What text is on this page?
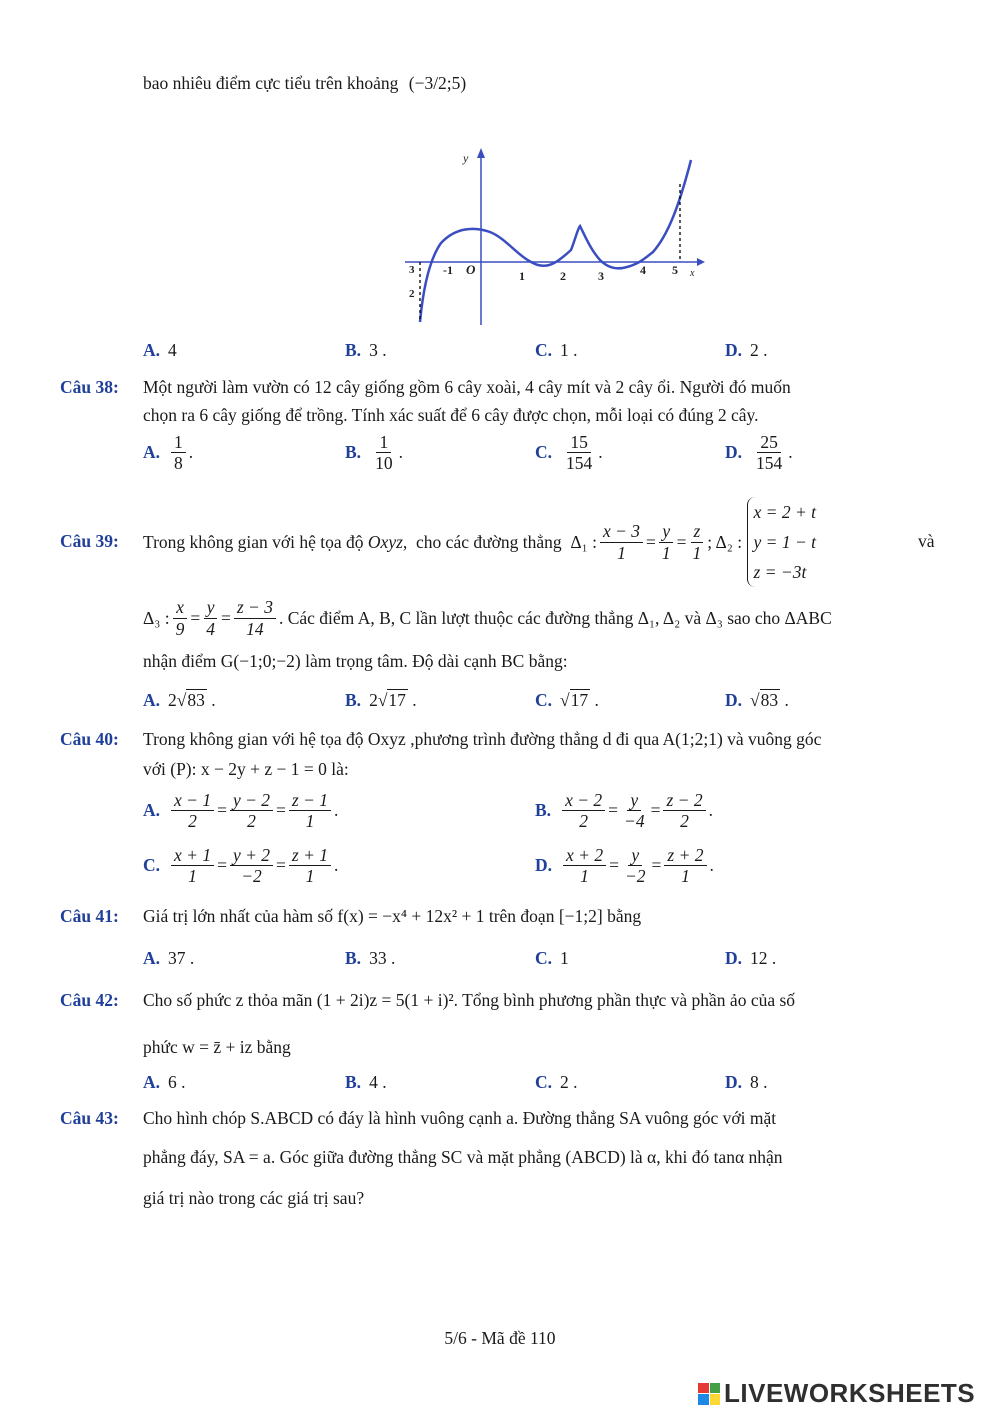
bao nhiêu điểm cực tiểu trên khoảng (−3/2;5)
y
x
O
-1	1	2	3	4 5
3
2
A. 4	B. 3 .	C. 1 .	D. 2 .
Câu 38: Một người làm vườn có 12 cây giống gồm 6 cây xoài, 4 cây mít và 2 cây ổi. Người đó muốn
chọn ra 6 cây giống để trồng. Tính xác suất để 6 cây được chọn, mỗi loại có đúng 2 cây.
A. $\frac{1}{8}$ .	B. $\frac{1}{10}$ .	C. $\frac{15}{154}$ .	D. $\frac{25}{154}$ .
Câu 39: Trong không gian với hệ tọa độ
Oxyz,
cho các đường thẳng
Δ₁ : $\frac{x - 3}{1} = \frac{y}{1} = \frac{z}{1}$ ; Δ₂ :

x = 2 + t
y = 1 − t
z = −3t
và
Δ₃ : $\frac{x}{9} = \frac{y}{4} = \frac{z - 3}{14}$ . Các điểm A, B, C lần lượt thuộc các đường thẳng Δ₁, Δ₂ và Δ₃ sao cho ΔABC
nhận điểm G(−1;0;−2) làm trọng tâm. Độ dài cạnh BC bằng:
A. 2 √ 83
.	B. 2 √ 17
.	C. √ 17
.	D. √ 83
.
Câu 40: Trong không gian với hệ tọa độ Oxyz ,phương trình đường thẳng d đi qua A(1;2;1) và vuông góc
với (P): x − 2y + z − 1 = 0 là:
A. $\frac{x - 1}{2} = \frac{y - 2}{2} = \frac{z - 1}{1}$ .	B. $\frac{x - 2}{2} = \frac{y}{-4} = \frac{z - 2}{2}$ .
C. $\frac{x + 1}{1} = \frac{y + 2}{-2} = \frac{z + 1}{1}$ .	D. $\frac{x + 2}{1} = \frac{y}{-2} = \frac{z + 2}{1}$ .
Câu 41: Giá trị lớn nhất của hàm số f(x) = −x⁴ + 12x² + 1 trên đoạn [−1;2] bằng
A. 37 .	B. 33 .	C. 1	D. 12 .
Câu 42: Cho số phức z thỏa mãn (1 + 2i)z = 5(1 + i)². Tổng bình phương phần thực và phần ảo của số
phức w = z̄ + iz bằng
A. 6 .	B. 4 .	C. 2 .	D. 8 .
Câu 43: Cho hình chóp S.ABCD có đáy là hình vuông cạnh a. Đường thẳng SA vuông góc với mặt
phẳng đáy, SA = a. Góc giữa đường thẳng SC và mặt phẳng (ABCD) là α, khi đó tanα nhận
giá trị nào trong các giá trị sau?
5/6 - Mã đề 110
LIVE WORKSHEETS
